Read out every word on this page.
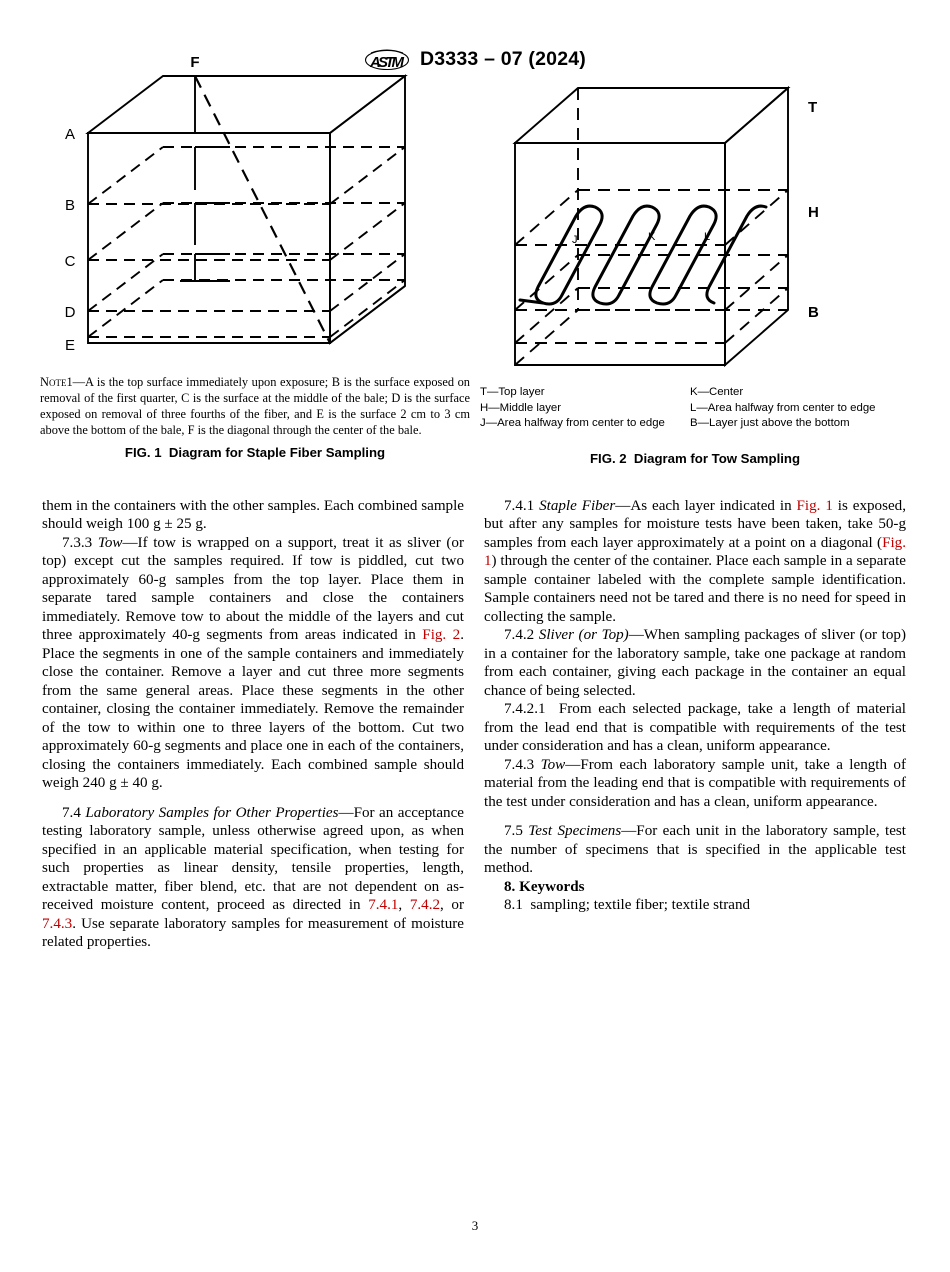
ASTM D3333 – 07 (2024)
A
B
C
D
E
F

Note1—A is the top surface immediately upon exposure; B is the surface exposed on removal of the first quarter, C is the surface at the middle of the bale; D is the surface exposed on removal of three fourths of the fiber, and E is the surface 2 cm to 3 cm above the bottom of the bale, F is the diagonal through the center of the bale.

FIG. 1  Diagram for Staple Fiber Sampling
J	K	L
T
H
B
T—Top layer	K—Center
H—Middle layer	L—Area halfway from center to edge
J—Area halfway from center to edge	B—Layer just above the bottom
FIG. 2  Diagram for Tow Sampling

them in the containers with the other samples. Each combined sample should weigh 100 g ± 25 g.

7.3.3 Tow—If tow is wrapped on a support, treat it as sliver (or top) except cut the samples required. If tow is piddled, cut two approximately 60-g samples from the top layer. Place them in separate tared sample containers and close the containers immediately. Remove tow to about the middle of the layers and cut three approximately 40-g segments from areas indicated in Fig. 2. Place the segments in one of the sample containers and immediately close the container. Remove a layer and cut three more segments from the same general areas. Place these segments in the other container, closing the container immediately. Remove the remainder of the tow to within one to three layers of the bottom. Cut two approximately 60-g segments and place one in each of the containers, closing the containers immediately. Each combined sample should weigh 240 g ± 40 g.

7.4 Laboratory Samples for Other Properties—For an acceptance testing laboratory sample, unless otherwise agreed upon, as when specified in an applicable material specification, when testing for such properties as linear density, tensile properties, length, extractable matter, fiber blend, etc. that are not dependent on as-received moisture content, proceed as directed in 7.4.1, 7.4.2, or 7.4.3. Use separate laboratory samples for measurement of moisture related properties.

7.4.1 Staple Fiber—As each layer indicated in Fig. 1 is exposed, but after any samples for moisture tests have been taken, take 50-g samples from each layer approximately at a point on a diagonal (Fig. 1) through the center of the container. Place each sample in a separate sample container labeled with the complete sample identification. Sample containers need not be tared and there is no need for speed in collecting the sample.

7.4.2 Sliver (or Top)—When sampling packages of sliver (or top) in a container for the laboratory sample, take one package at random from each container, giving each package in the container an equal chance of being selected.

7.4.2.1 From each selected package, take a length of material from the lead end that is compatible with requirements of the test under consideration and has a clean, uniform appearance.

7.4.3 Tow—From each laboratory sample unit, take a length of material from the leading end that is compatible with requirements of the test under consideration and has a clean, uniform appearance.

7.5 Test Specimens—For each unit in the laboratory sample, test the number of specimens that is specified in the applicable test method.

8. Keywords

8.1 sampling; textile fiber; textile strand

3
